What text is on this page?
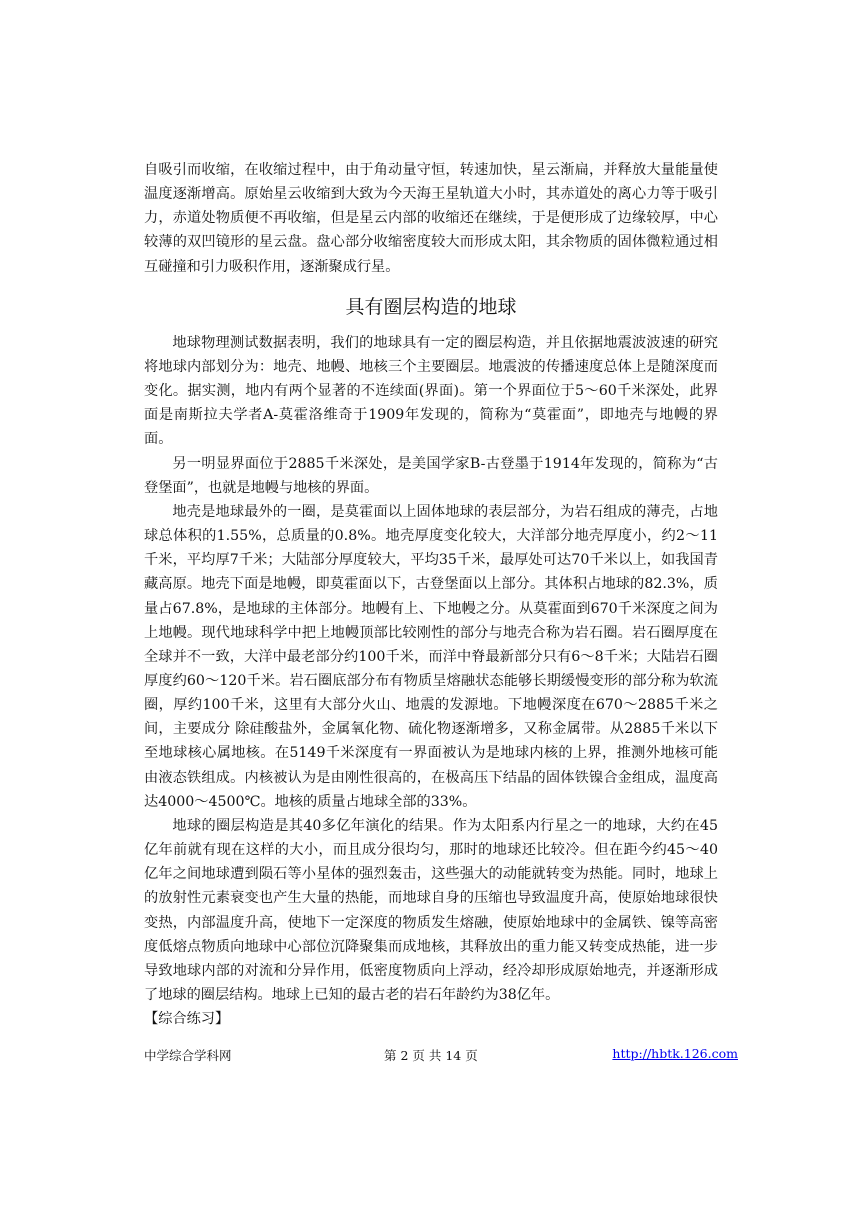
自吸引而收缩，在收缩过程中，由于角动量守恒，转速加快，星云渐扁，并释放大量能量使温度逐渐增高。原始星云收缩到大致为今天海王星轨道大小时，其赤道处的离心力等于吸引力，赤道处物质便不再收缩，但是星云内部的收缩还在继续，于是便形成了边缘较厚，中心较薄的双凹镜形的星云盘。盘心部分收缩密度较大而形成太阳，其余物质的固体微粒通过相互碰撞和引力吸积作用，逐渐聚成行星。

具有圈层构造的地球

地球物理测试数据表明，我们的地球具有一定的圈层构造，并且依据地震波波速的研究将地球内部划分为：地壳、地幔、地核三个主要圈层。地震波的传播速度总体上是随深度而变化。据实测，地内有两个显著的不连续面(界面)。第一个界面位于5～60千米深处，此界面是南斯拉夫学者A-莫霍洛维奇于1909年发现的，简称为“莫霍面”，即地壳与地幔的界面。

另一明显界面位于2885千米深处，是美国学家B-古登墨于1914年发现的，简称为“古登堡面”，也就是地幔与地核的界面。

地壳是地球最外的一圈，是莫霍面以上固体地球的表层部分，为岩石组成的薄壳，占地球总体积的1.55%，总质量的0.8%。地壳厚度变化较大，大洋部分地壳厚度小，约2～11千米，平均厚7千米；大陆部分厚度较大，平均35千米，最厚处可达70千米以上，如我国青藏高原。地壳下面是地幔，即莫霍面以下，古登堡面以上部分。其体积占地球的82.3%，质量占67.8%，是地球的主体部分。地幔有上、下地幔之分。从莫霍面到670千米深度之间为上地幔。现代地球科学中把上地幔顶部比较刚性的部分与地壳合称为岩石圈。岩石圈厚度在全球并不一致，大洋中最老部分约100千米，而洋中脊最新部分只有6～8千米；大陆岩石圈厚度约60～120千米。岩石圈底部分布有物质呈熔融状态能够长期缓慢变形的部分称为软流圈，厚约100千米，这里有大部分火山、地震的发源地。下地幔深度在670～2885千米之间，主要成分 除硅酸盐外，金属氧化物、硫化物逐渐增多，又称金属带。从2885千米以下至地球核心属地核。在5149千米深度有一界面被认为是地球内核的上界，推测外地核可能由液态铁组成。内核被认为是由刚性很高的，在极高压下结晶的固体铁镍合金组成，温度高达4000～4500℃。地核的质量占地球全部的33%。

地球的圈层构造是其40多亿年演化的结果。作为太阳系内行星之一的地球，大约在45亿年前就有现在这样的大小，而且成分很均匀，那时的地球还比较冷。但在距今约45～40亿年之间地球遭到陨石等小星体的强烈轰击，这些强大的动能就转变为热能。同时，地球上的放射性元素衰变也产生大量的热能，而地球自身的压缩也导致温度升高，使原始地球很快变热，内部温度升高，使地下一定深度的物质发生熔融，使原始地球中的金属铁、镍等高密度低熔点物质向地球中心部位沉降聚集而成地核，其释放出的重力能又转变成热能，进一步导致地球内部的对流和分异作用，低密度物质向上浮动，经冷却形成原始地壳，并逐渐形成了地球的圈层结构。地球上已知的最古老的岩石年龄约为38亿年。

【综合练习】

中学综合学科网	第 2 页 共 14 页	http://hbtk.126.com
